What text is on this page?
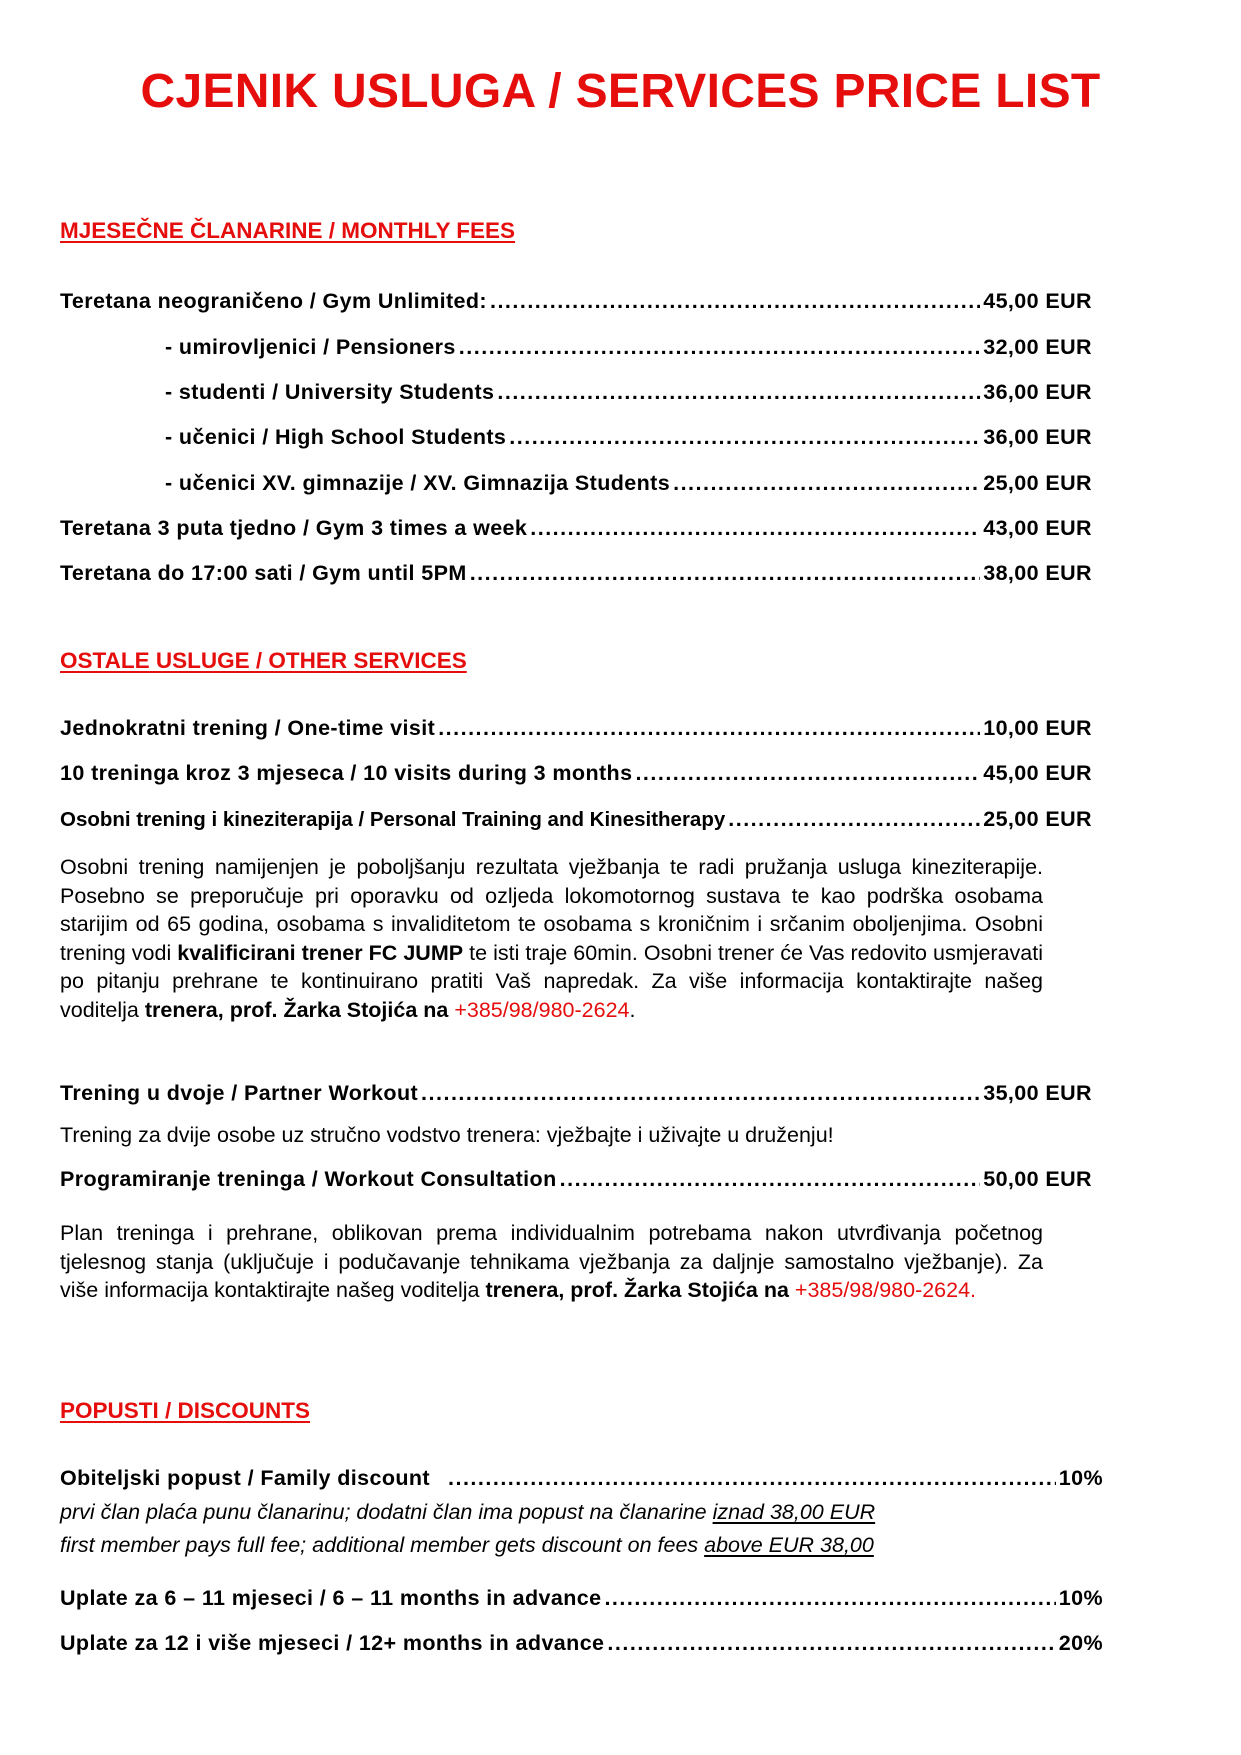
CJENIK USLUGA / SERVICES PRICE LIST
MJESEČNE ČLANARINE / MONTHLY FEES
Teretana neograničeno / Gym Unlimited: .....	45,00 EUR
- umirovljenici / Pensioners .....	32,00 EUR
- studenti / University Students .....	36,00 EUR
- učenici / High School Students .....	36,00 EUR
- učenici XV. gimnazije / XV. Gimnazija Students .....	25,00 EUR
Teretana 3 puta tjedno / Gym 3 times a week .....	43,00 EUR
Teretana do 17:00 sati / Gym until 5PM .....	38,00 EUR
OSTALE USLUGE / OTHER SERVICES
Jednokratni trening / One-time visit .....	10,00 EUR
10 treninga kroz 3 mjeseca / 10 visits during 3 months .....	45,00 EUR
Osobni trening i kineziterapija / Personal Training and Kinesitherapy .....	25,00 EUR
Osobni trening namijenjen je poboljšanju rezultata vježbanja te radi pružanja usluga kineziterapije. Posebno se preporučuje pri oporavku od ozljeda lokomotornog sustava te kao podrška osobama starijim od 65 godina, osobama s invaliditetom te osobama s kroničnim i srčanim oboljenjima. Osobni trening vodi kvalificirani trener FC JUMP te isti traje 60min. Osobni trener će Vas redovito usmjeravati po pitanju prehrane te kontinuirano pratiti Vaš napredak. Za više informacija kontaktirajte našeg voditelja trenera, prof. Žarka Stojića na +385/98/980-2624.
Trening u dvoje / Partner Workout .....	35,00 EUR
Trening za dvije osobe uz stručno vodstvo trenera: vježbajte i uživajte u druženju!
Programiranje treninga / Workout Consultation .....	50,00 EUR
Plan treninga i prehrane, oblikovan prema individualnim potrebama nakon utvrđivanja početnog tjelesnog stanja (uključuje i podučavanje tehnikama vježbanja za daljnje samostalno vježbanje). Za više informacija kontaktirajte našeg voditelja trenera, prof. Žarka Stojića na +385/98/980-2624.
POPUSTI / DISCOUNTS
Obiteljski popust / Family discount .....	10%
prvi član plaća punu članarinu; dodatni član ima popust na članarine iznad 38,00 EUR
first member pays full fee; additional member gets discount on fees above EUR 38,00
Uplate za 6 – 11 mjeseci / 6 – 11 months in advance .....	10%
Uplate za 12 i više mjeseci / 12+ months in advance .....	20%
